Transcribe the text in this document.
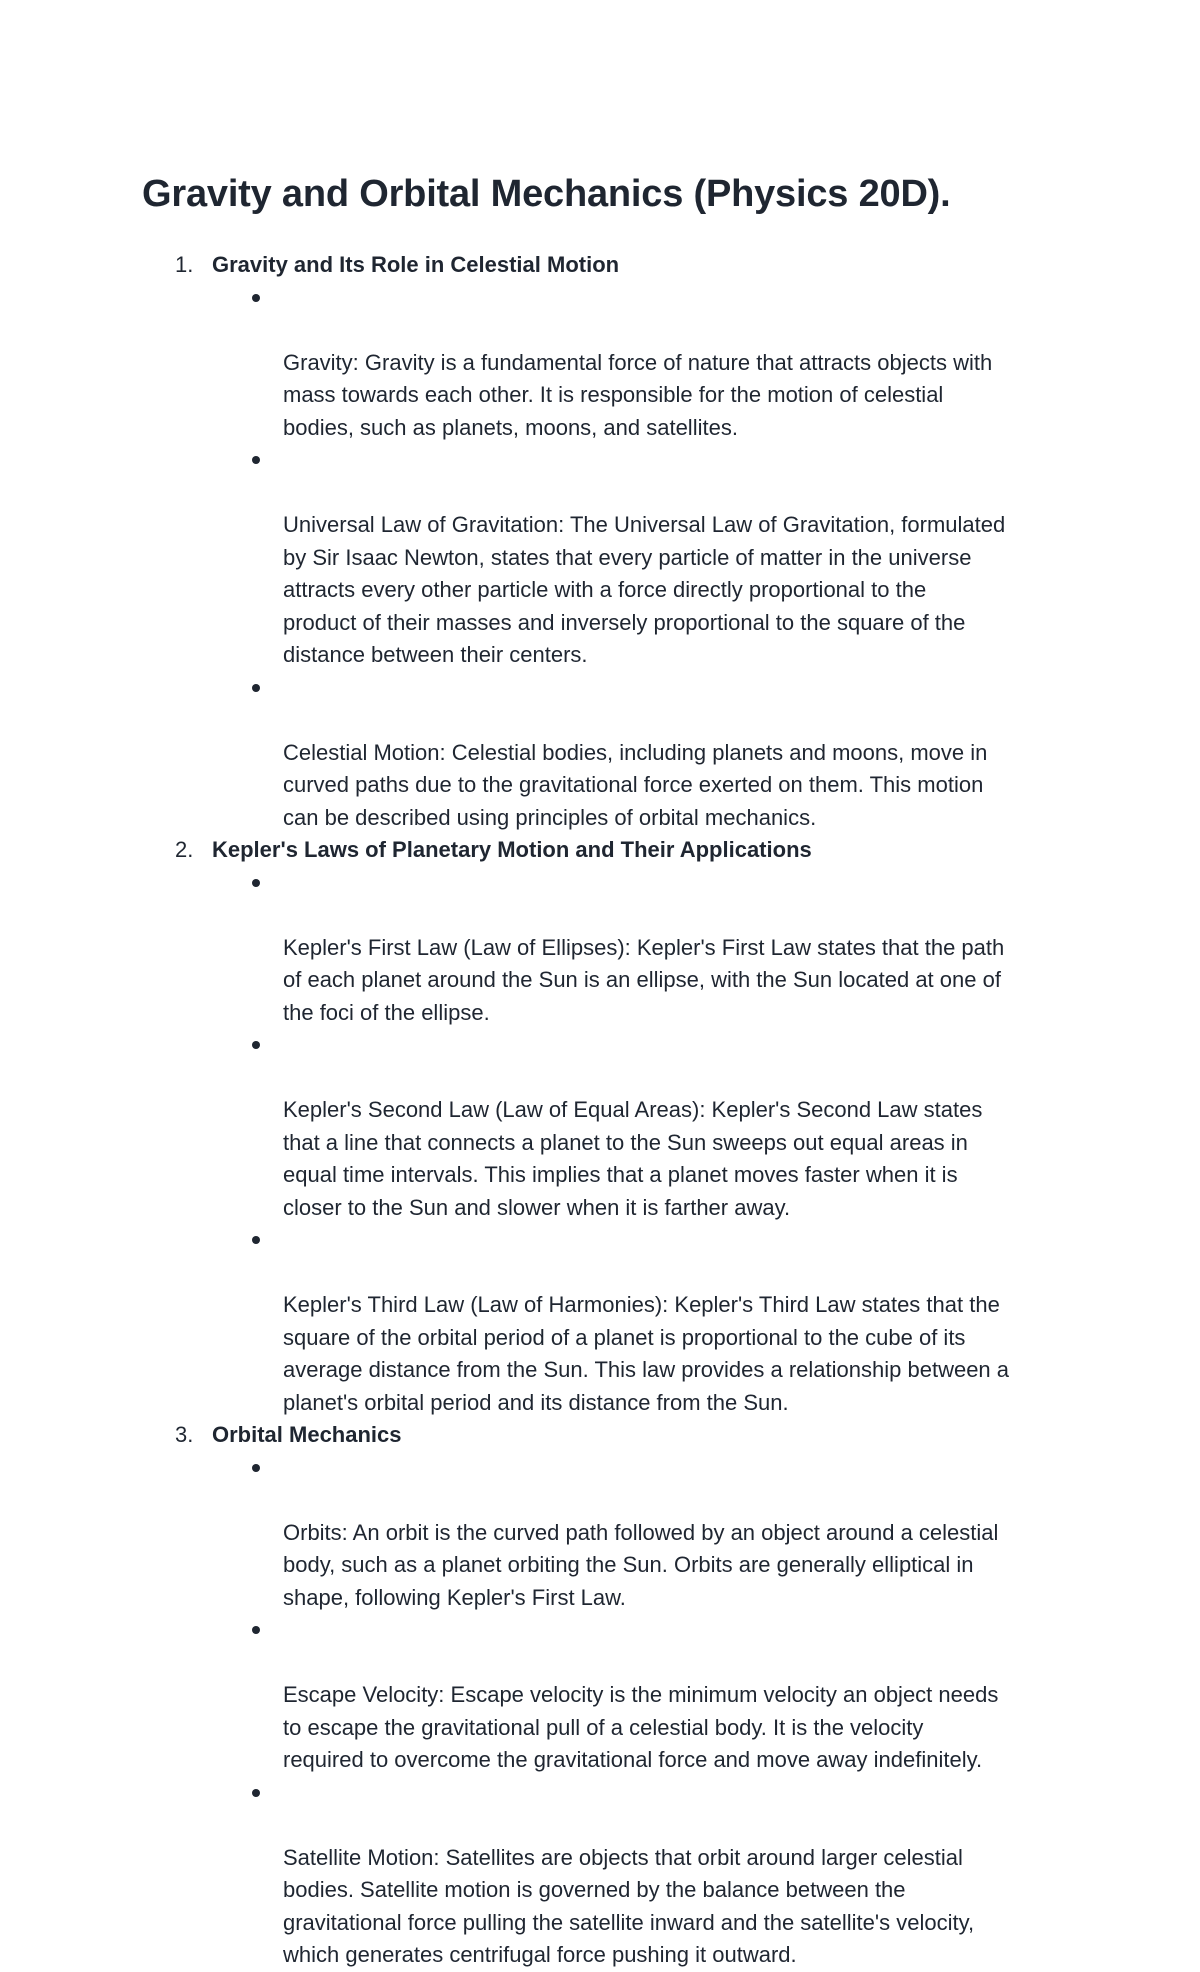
Gravity and Orbital Mechanics (Physics 20D).
1. Gravity and Its Role in Celestial Motion

Gravity: Gravity is a fundamental force of nature that attracts objects with
mass towards each other. It is responsible for the motion of celestial
bodies, such as planets, moons, and satellites.

Universal Law of Gravitation: The Universal Law of Gravitation, formulated
by Sir Isaac Newton, states that every particle of matter in the universe
attracts every other particle with a force directly proportional to the
product of their masses and inversely proportional to the square of the
distance between their centers.

Celestial Motion: Celestial bodies, including planets and moons, move in
curved paths due to the gravitational force exerted on them. This motion
can be described using principles of orbital mechanics.

2. Kepler's Laws of Planetary Motion and Their Applications

Kepler's First Law (Law of Ellipses): Kepler's First Law states that the path
of each planet around the Sun is an ellipse, with the Sun located at one of
the foci of the ellipse.

Kepler's Second Law (Law of Equal Areas): Kepler's Second Law states
that a line that connects a planet to the Sun sweeps out equal areas in
equal time intervals. This implies that a planet moves faster when it is
closer to the Sun and slower when it is farther away.

Kepler's Third Law (Law of Harmonies): Kepler's Third Law states that the
square of the orbital period of a planet is proportional to the cube of its
average distance from the Sun. This law provides a relationship between a
planet's orbital period and its distance from the Sun.

3. Orbital Mechanics

Orbits: An orbit is the curved path followed by an object around a celestial
body, such as a planet orbiting the Sun. Orbits are generally elliptical in
shape, following Kepler's First Law.

Escape Velocity: Escape velocity is the minimum velocity an object needs
to escape the gravitational pull of a celestial body. It is the velocity
required to overcome the gravitational force and move away indefinitely.

Satellite Motion: Satellites are objects that orbit around larger celestial
bodies. Satellite motion is governed by the balance between the
gravitational force pulling the satellite inward and the satellite's velocity,
which generates centrifugal force pushing it outward.
